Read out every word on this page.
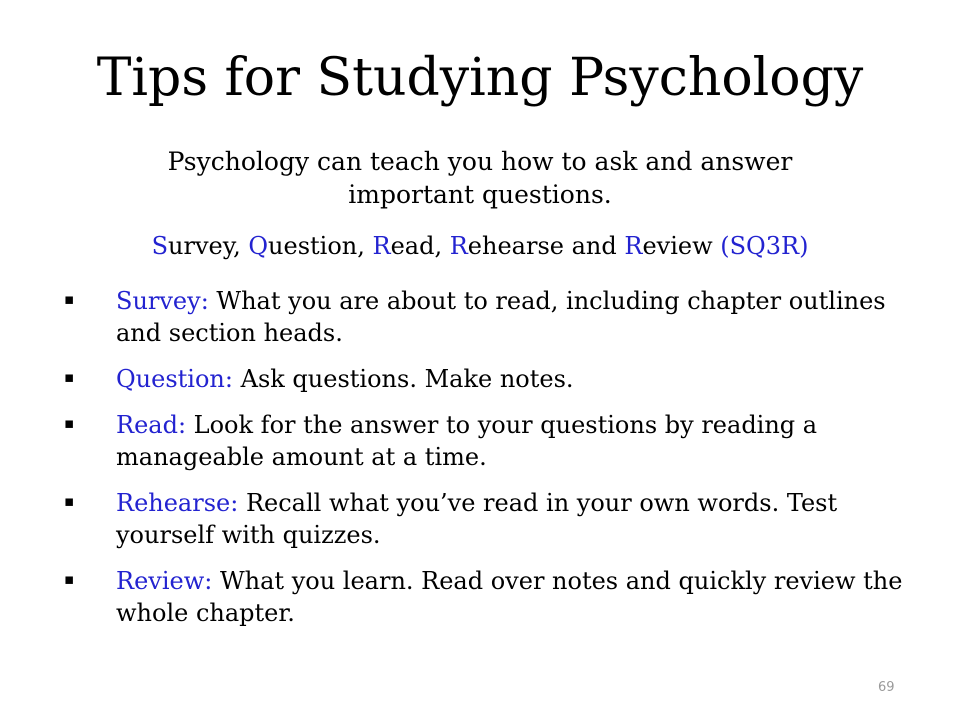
Tips for Studying Psychology
Psychology can teach you how to ask and answer important questions.
Survey, Question, Read, Rehearse and Review (SQ3R)
▪	Survey: What you are about to read, including chapter outlines and section heads.
▪	Question: Ask questions. Make notes.
▪	Read: Look for the answer to your questions by reading a manageable amount at a time.
▪	Rehearse: Recall what you’ve read in your own words. Test yourself with quizzes.
▪	Review: What you learn. Read over notes and quickly review the whole chapter.
69
